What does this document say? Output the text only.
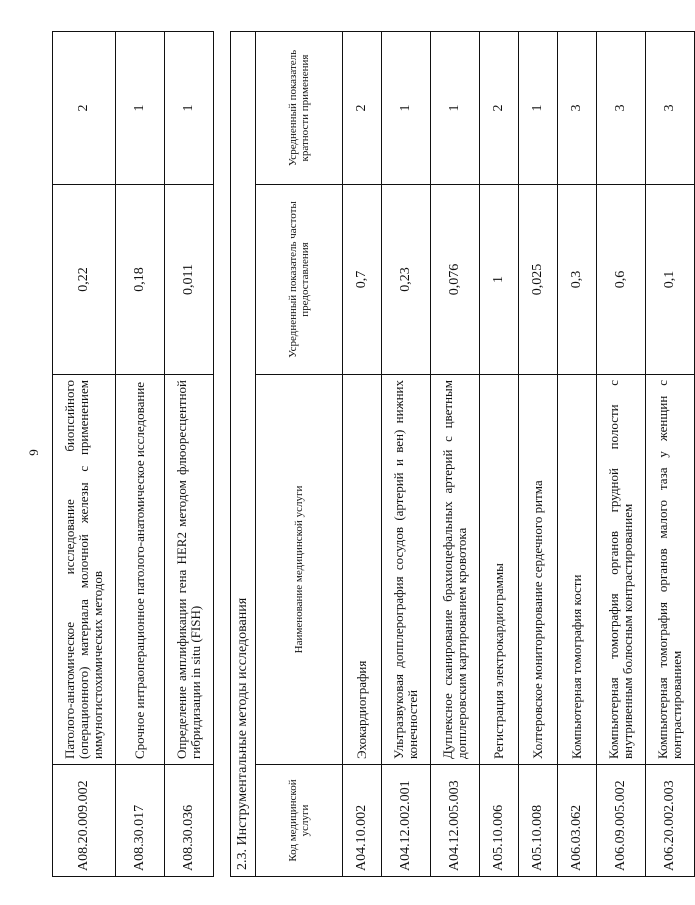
9
A08.20.009.002	Патолого-анатомическое исследование биопсийного (операционного) материала молочной железы с применением иммуногистохимических методов	0,22	2
A08.30.017	Срочное интраоперационное патолого-анатомическое исследование	0,18	1
A08.30.036	Определение амплификации гена HER2 методом флюоресцентной гибридизации in situ (FISH)	0,011	1
2.3. Инструментальные методы исследования			
Код медицинской услуги	Наименование медицинской услуги	Усредненный показатель частоты предоставления	Усредненный показатель кратности применения
A04.10.002	Эхокардиография	0,7	2
A04.12.002.001	Ультразвуковая допплерография сосудов (артерий и вен) нижних конечностей	0,23	1
A04.12.005.003	Дуплексное сканирование брахиоцефальных артерий с цветным допплеровским картированием кровотока	0,076	1
A05.10.006	Регистрация электрокардиограммы	1	2
A05.10.008	Холтеровское мониторирование сердечного ритма	0,025	1
A06.03.062	Компьютерная томография кости	0,3	3
A06.09.005.002	Компьютерная томография органов грудной полости с внутривенным болюсным контрастированием	0,6	3
A06.20.002.003	Компьютерная томография органов малого таза у женщин с контрастированием	0,1	3
